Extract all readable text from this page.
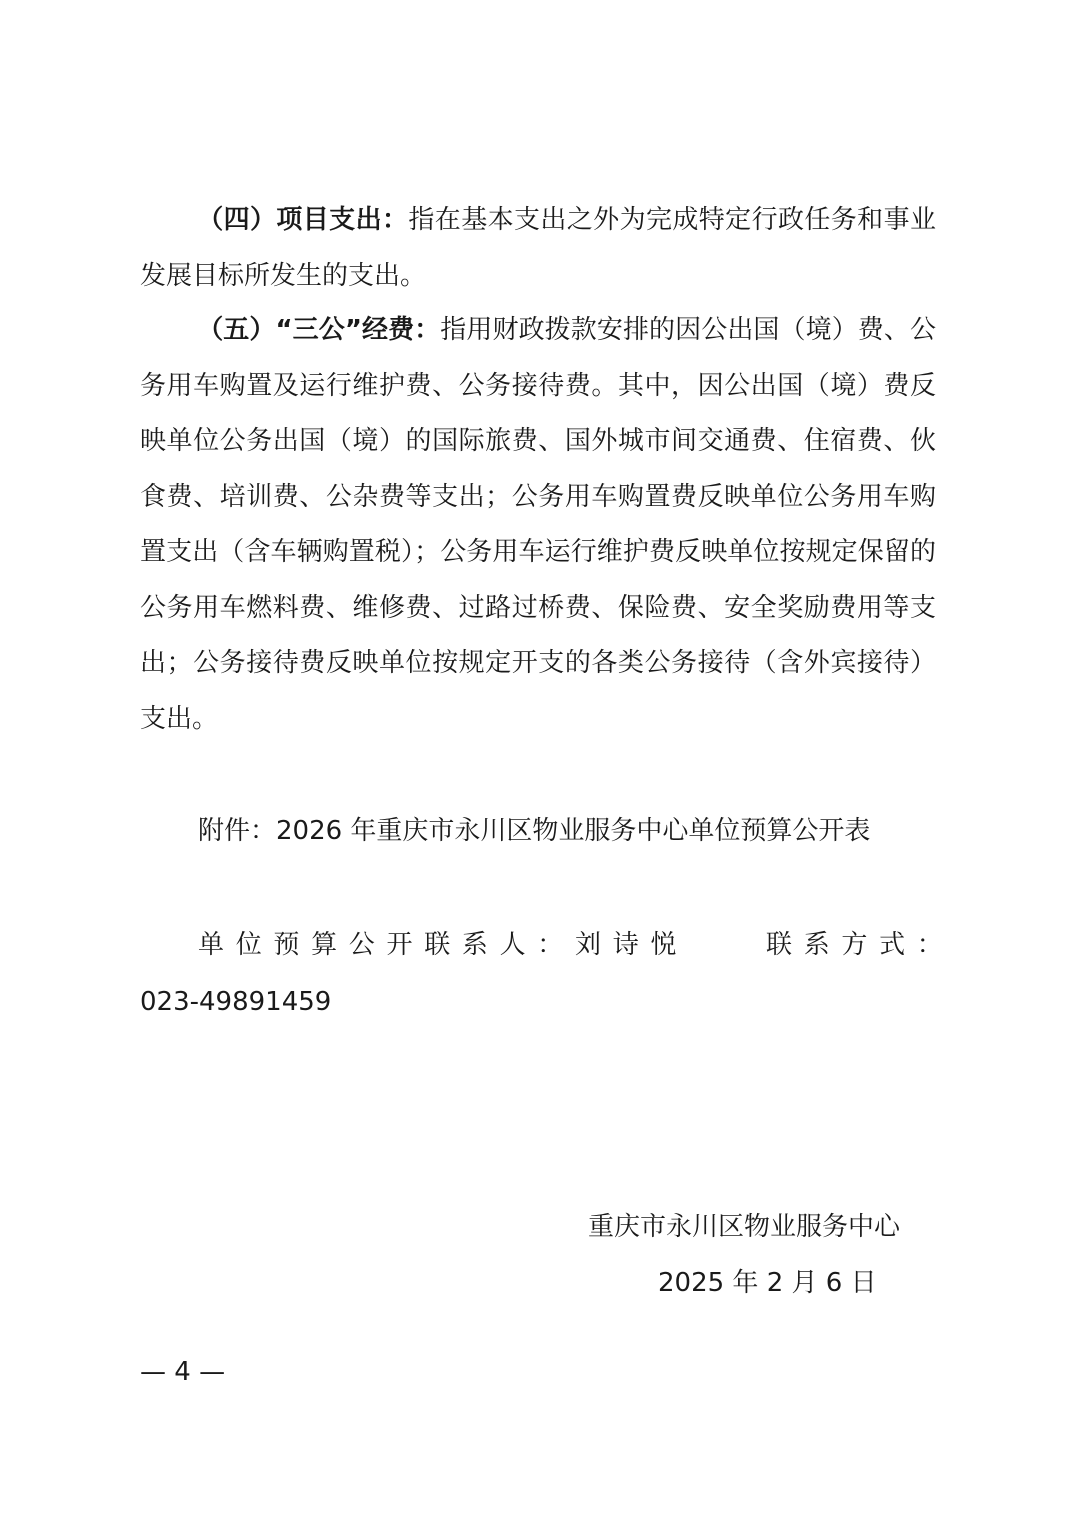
（四）项目支出：指在基本支出之外为完成特定行政任务和事业发展目标所发生的支出。

（五）“三公”经费：指用财政拨款安排的因公出国（境）费、公务用车购置及运行维护费、公务接待费。其中，因公出国（境）费反映单位公务出国（境）的国际旅费、国外城市间交通费、住宿费、伙食费、培训费、公杂费等支出；公务用车购置费反映单位公务用车购置支出（含车辆购置税）；公务用车运行维护费反映单位按规定保留的公务用车燃料费、维修费、过路过桥费、保险费、安全奖励费用等支出；公务接待费反映单位按规定开支的各类公务接待（含外宾接待）支出。

附件：2026 年重庆市永川区物业服务中心单位预算公开表
单位预算公开联系人：刘诗悦	联系方式：
023-49891459
重庆市永川区物业服务中心
2025 年 2 月 6 日
— 4 —
